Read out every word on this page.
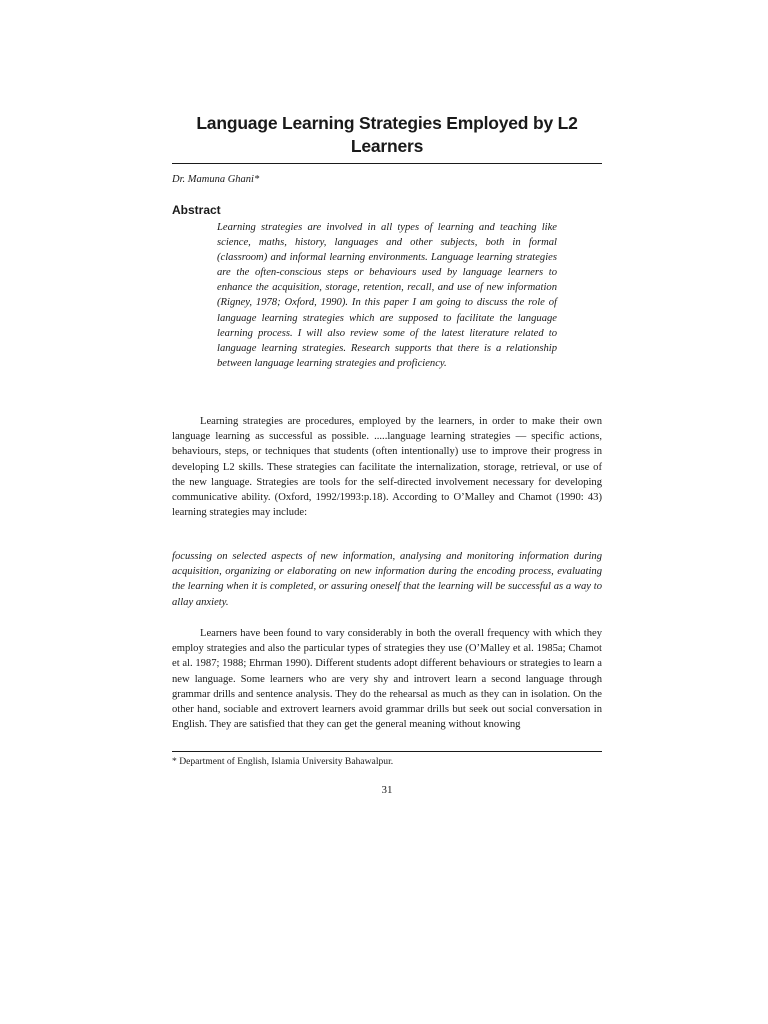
Language Learning Strategies Employed by L2 Learners
Dr. Mamuna Ghani*
Abstract

Learning strategies are involved in all types of learning and teaching like science, maths, history, languages and other subjects, both in formal (classroom) and informal learning environments. Language learning strategies are the often-conscious steps or behaviours used by language learners to enhance the acquisition, storage, retention, recall, and use of new information (Rigney, 1978; Oxford, 1990). In this paper I am going to discuss the role of language learning strategies which are supposed to facilitate the language learning process. I will also review some of the latest literature related to language learning strategies. Research supports that there is a relationship between language learning strategies and proficiency.

Learning strategies are procedures, employed by the learners, in order to make their own language learning as successful as possible. .....language learning strategies — specific actions, behaviours, steps, or techniques that students (often intentionally) use to improve their progress in developing L2 skills. These strategies can facilitate the internalization, storage, retrieval, or use of the new language. Strategies are tools for the self-directed involvement necessary for developing communicative ability. (Oxford, 1992/1993:p.18). According to O’Malley and Chamot (1990: 43) learning strategies may include:

focussing on selected aspects of new information, analysing and monitoring information during acquisition, organizing or elaborating on new information during the encoding process, evaluating the learning when it is completed, or assuring oneself that the learning will be successful as a way to allay anxiety.

Learners have been found to vary considerably in both the overall frequency with which they employ strategies and also the particular types of strategies they use (O’Malley et al. 1985a; Chamot et al. 1987; 1988; Ehrman 1990). Different students adopt different behaviours or strategies to learn a new language. Some learners who are very shy and introvert learn a second language through grammar drills and sentence analysis. They do the rehearsal as much as they can in isolation. On the other hand, sociable and extrovert learners avoid grammar drills but seek out social conversation in English. They are satisfied that they can get the general meaning without knowing

* Department of English, Islamia University Bahawalpur.

31
